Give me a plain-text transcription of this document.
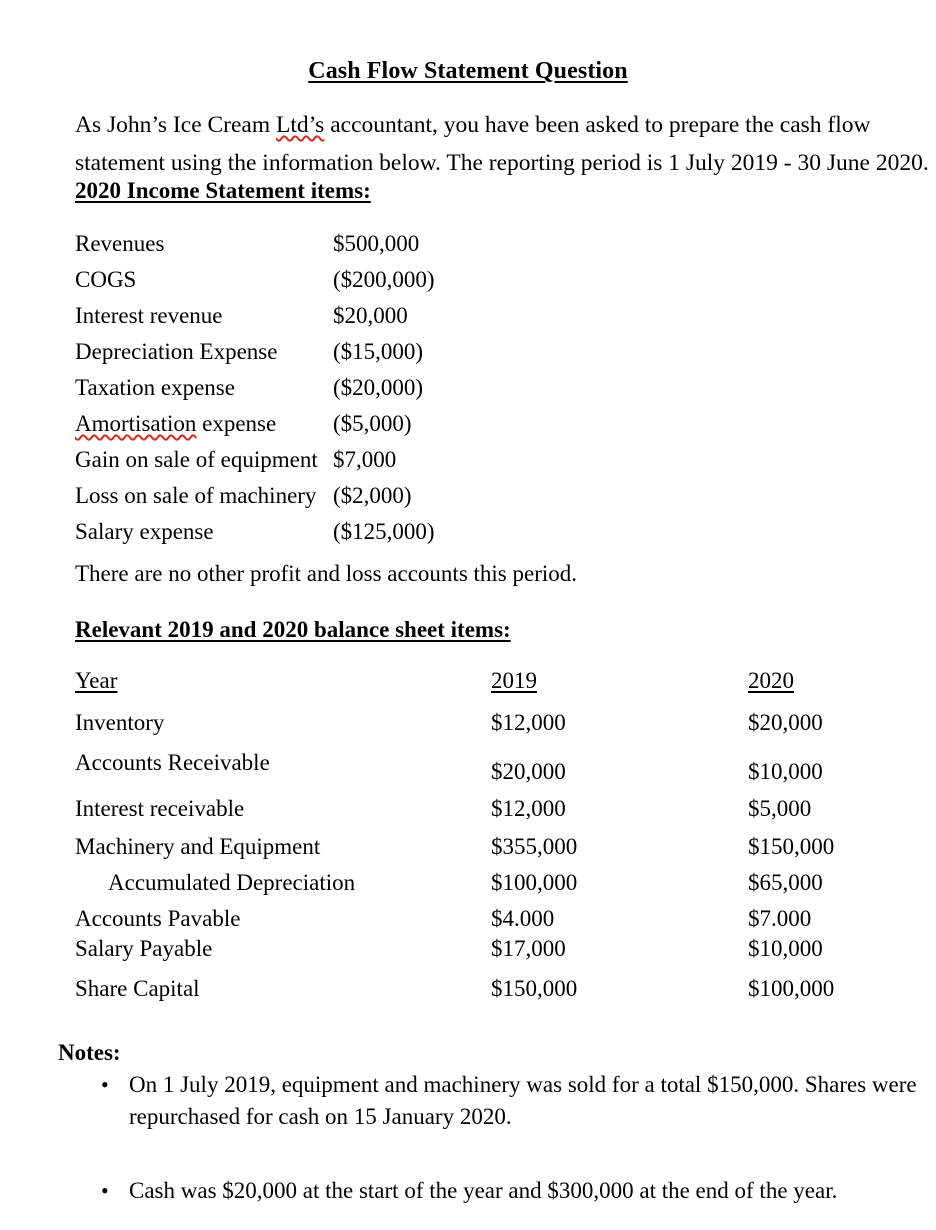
Cash Flow Statement Question
As John’s Ice Cream Ltd’s accountant, you have been asked to prepare the cash flow
statement using the information below. The reporting period is 1 July 2019 - 30 June 2020.
2020 Income Statement items:
Revenues	$500,000
COGS	($200,000)
Interest revenue	$20,000
Depreciation Expense ($15,000)
Taxation expense	($20,000)
Amortisation expense ($5,000)
Gain on sale of equipment $7,000
Loss on sale of machinery ($2,000)
Salary expense	($125,000)
There are no other profit and loss accounts this period.
Relevant 2019 and 2020 balance sheet items:
Year	2019	2020
Inventory	$12,000	$20,000
Accounts Receivable	$20,000	$10,000
Interest receivable	$12,000	$5,000
Machinery and Equipment	$355,000	$150,000
Accumulated Depreciation	$100,000	$65,000
Accounts Pavable	$4.000	$7.000
Salary Payable	$17,000	$10,000
Share Capital	$150,000	$100,000
Notes:
• On 1 July 2019, equipment and machinery was sold for a total $150,000. Shares were
repurchased for cash on 15 January 2020.
• Cash was $20,000 at the start of the year and $300,000 at the end of the year.
